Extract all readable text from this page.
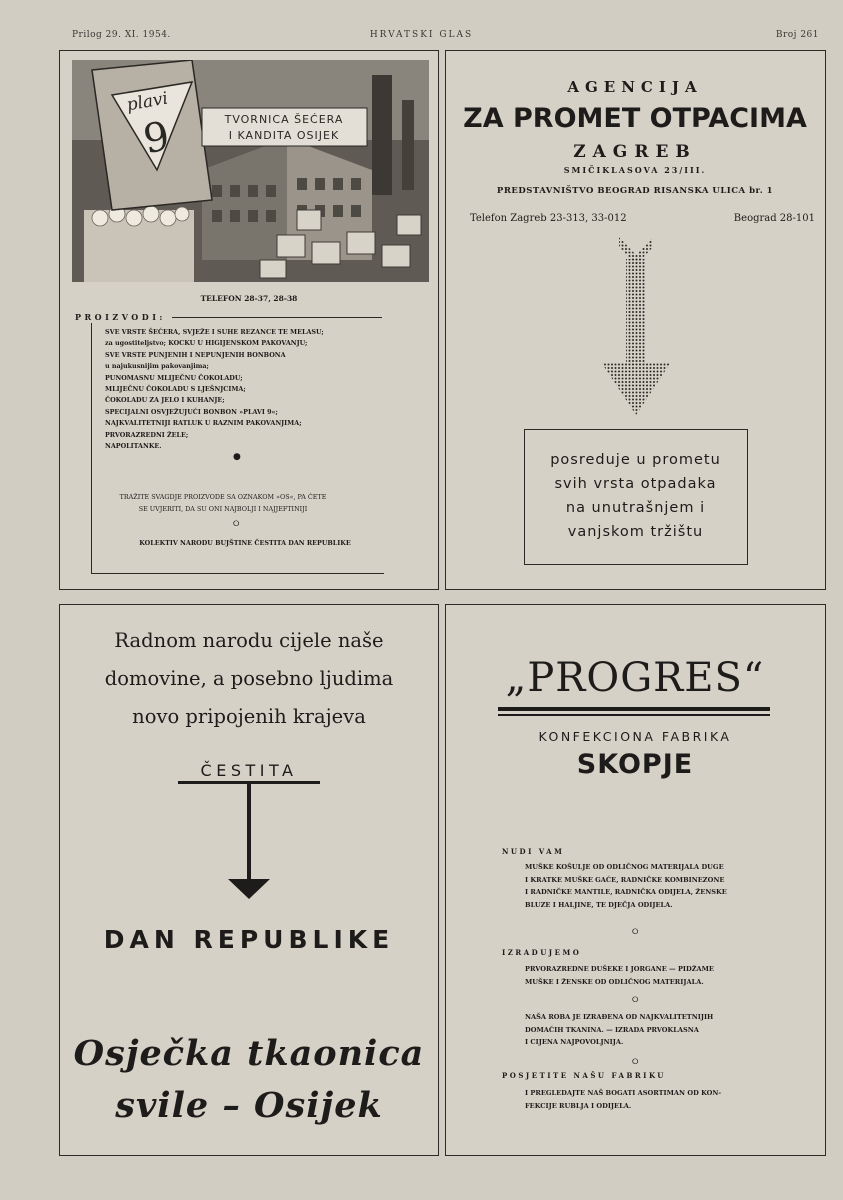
Prilog 29. XI. 1954.	HRVATSKI GLAS	Broj 261
plavi
9	TVORNICA ŠEĆERA
I KANDITA OSIJEK
TELEFON 28-37, 28-38
PROIZVODI:
SVE VRSTE ŠEĆERA, SVJEŽE I SUHE REZANCE TE MELASU;
za ugostiteljstvo; KOCKU U HIGIJENSKOM PAKOVANJU;
SVE VRSTE PUNJENIH I NEPUNJENIH BONBONA
u najukusnijim pakovanjima;
PUNOMASNU MLIJEČNU ČOKOLADU;
MLIJEČNU ČOKOLADU S LJEŠNJCIMA;
ČOKOLADU ZA JELO I KUHANJE;
SPECIJALNI OSVJEŽUJUĆI BONBON »PLAVI 9«;
NAJKVALITETNIJI RATLUK U RAZNIM PAKOVANJIMA;
PRVORAZREDNI ŽELE;
NAPOLITANKE.
●
TRAŽITE SVAGDJE PROIZVODE SA OZNAKOM »OS«, PA ĆETE
SE UVJERITI, DA SU ONI NAJBOLJI I NAJJEFTINIJI
⭘
KOLEKTIV NARODU BUJŠTINE ČESTITA DAN REPUBLIKE
AGENCIJA
ZA PROMET OTPACIMA
ZAGREB
SMIČIKLASOVA 23/III.
PREDSTAVNIŠTVO BEOGRAD RISANSKA ULICA br. 1
Telefon Zagreb 23-313, 33-012	Beograd 28-101

posreduje u prometu

svih vrsta otpadaka

na unutrašnjem i

vanjskom tržištu

Radnom narodu cijele naše
domovine, a posebno ljudima
novo pripojenih krajeva
ČESTITA
DAN REPUBLIKE
Osječka tkaonica
svile – Osijek
„PROGRES“
KONFEKCIONA FABRIKA
SKOPJE
NUDI VAM
MUŠKE KOŠULJE OD ODLIČNOG MATERIJALA DUGE
I KRATKE MUŠKE GAĆE, RADNIČKE KOMBINEZONE
I RADNIČKE MANTILE, RADNIČKA ODIJELA, ŽENSKE
BLUZE I HALJINE, TE DJEČJA ODIJELA.
⭘
IZRADUJEMO
PRVORAZREDNE DUŠEKE I JORGANE — PIDŽAME
MUŠKE I ŽENSKE OD ODLIČNOG MATERIJALA.
⭘
NAŠA ROBA JE IZRAĐENA OD NAJKVALITETNIJIH
DOMAĆIH TKANINA. — IZRADA PRVOKLASNA
I CIJENA NAJPOVOLJNIJA.
⭘
POSJETITE NAŠU FABRIKU
I PREGLEDAJTE NAŠ BOGATI ASORTIMAN OD KON-
FEKCIJE RUBLJA I ODIJELA.
